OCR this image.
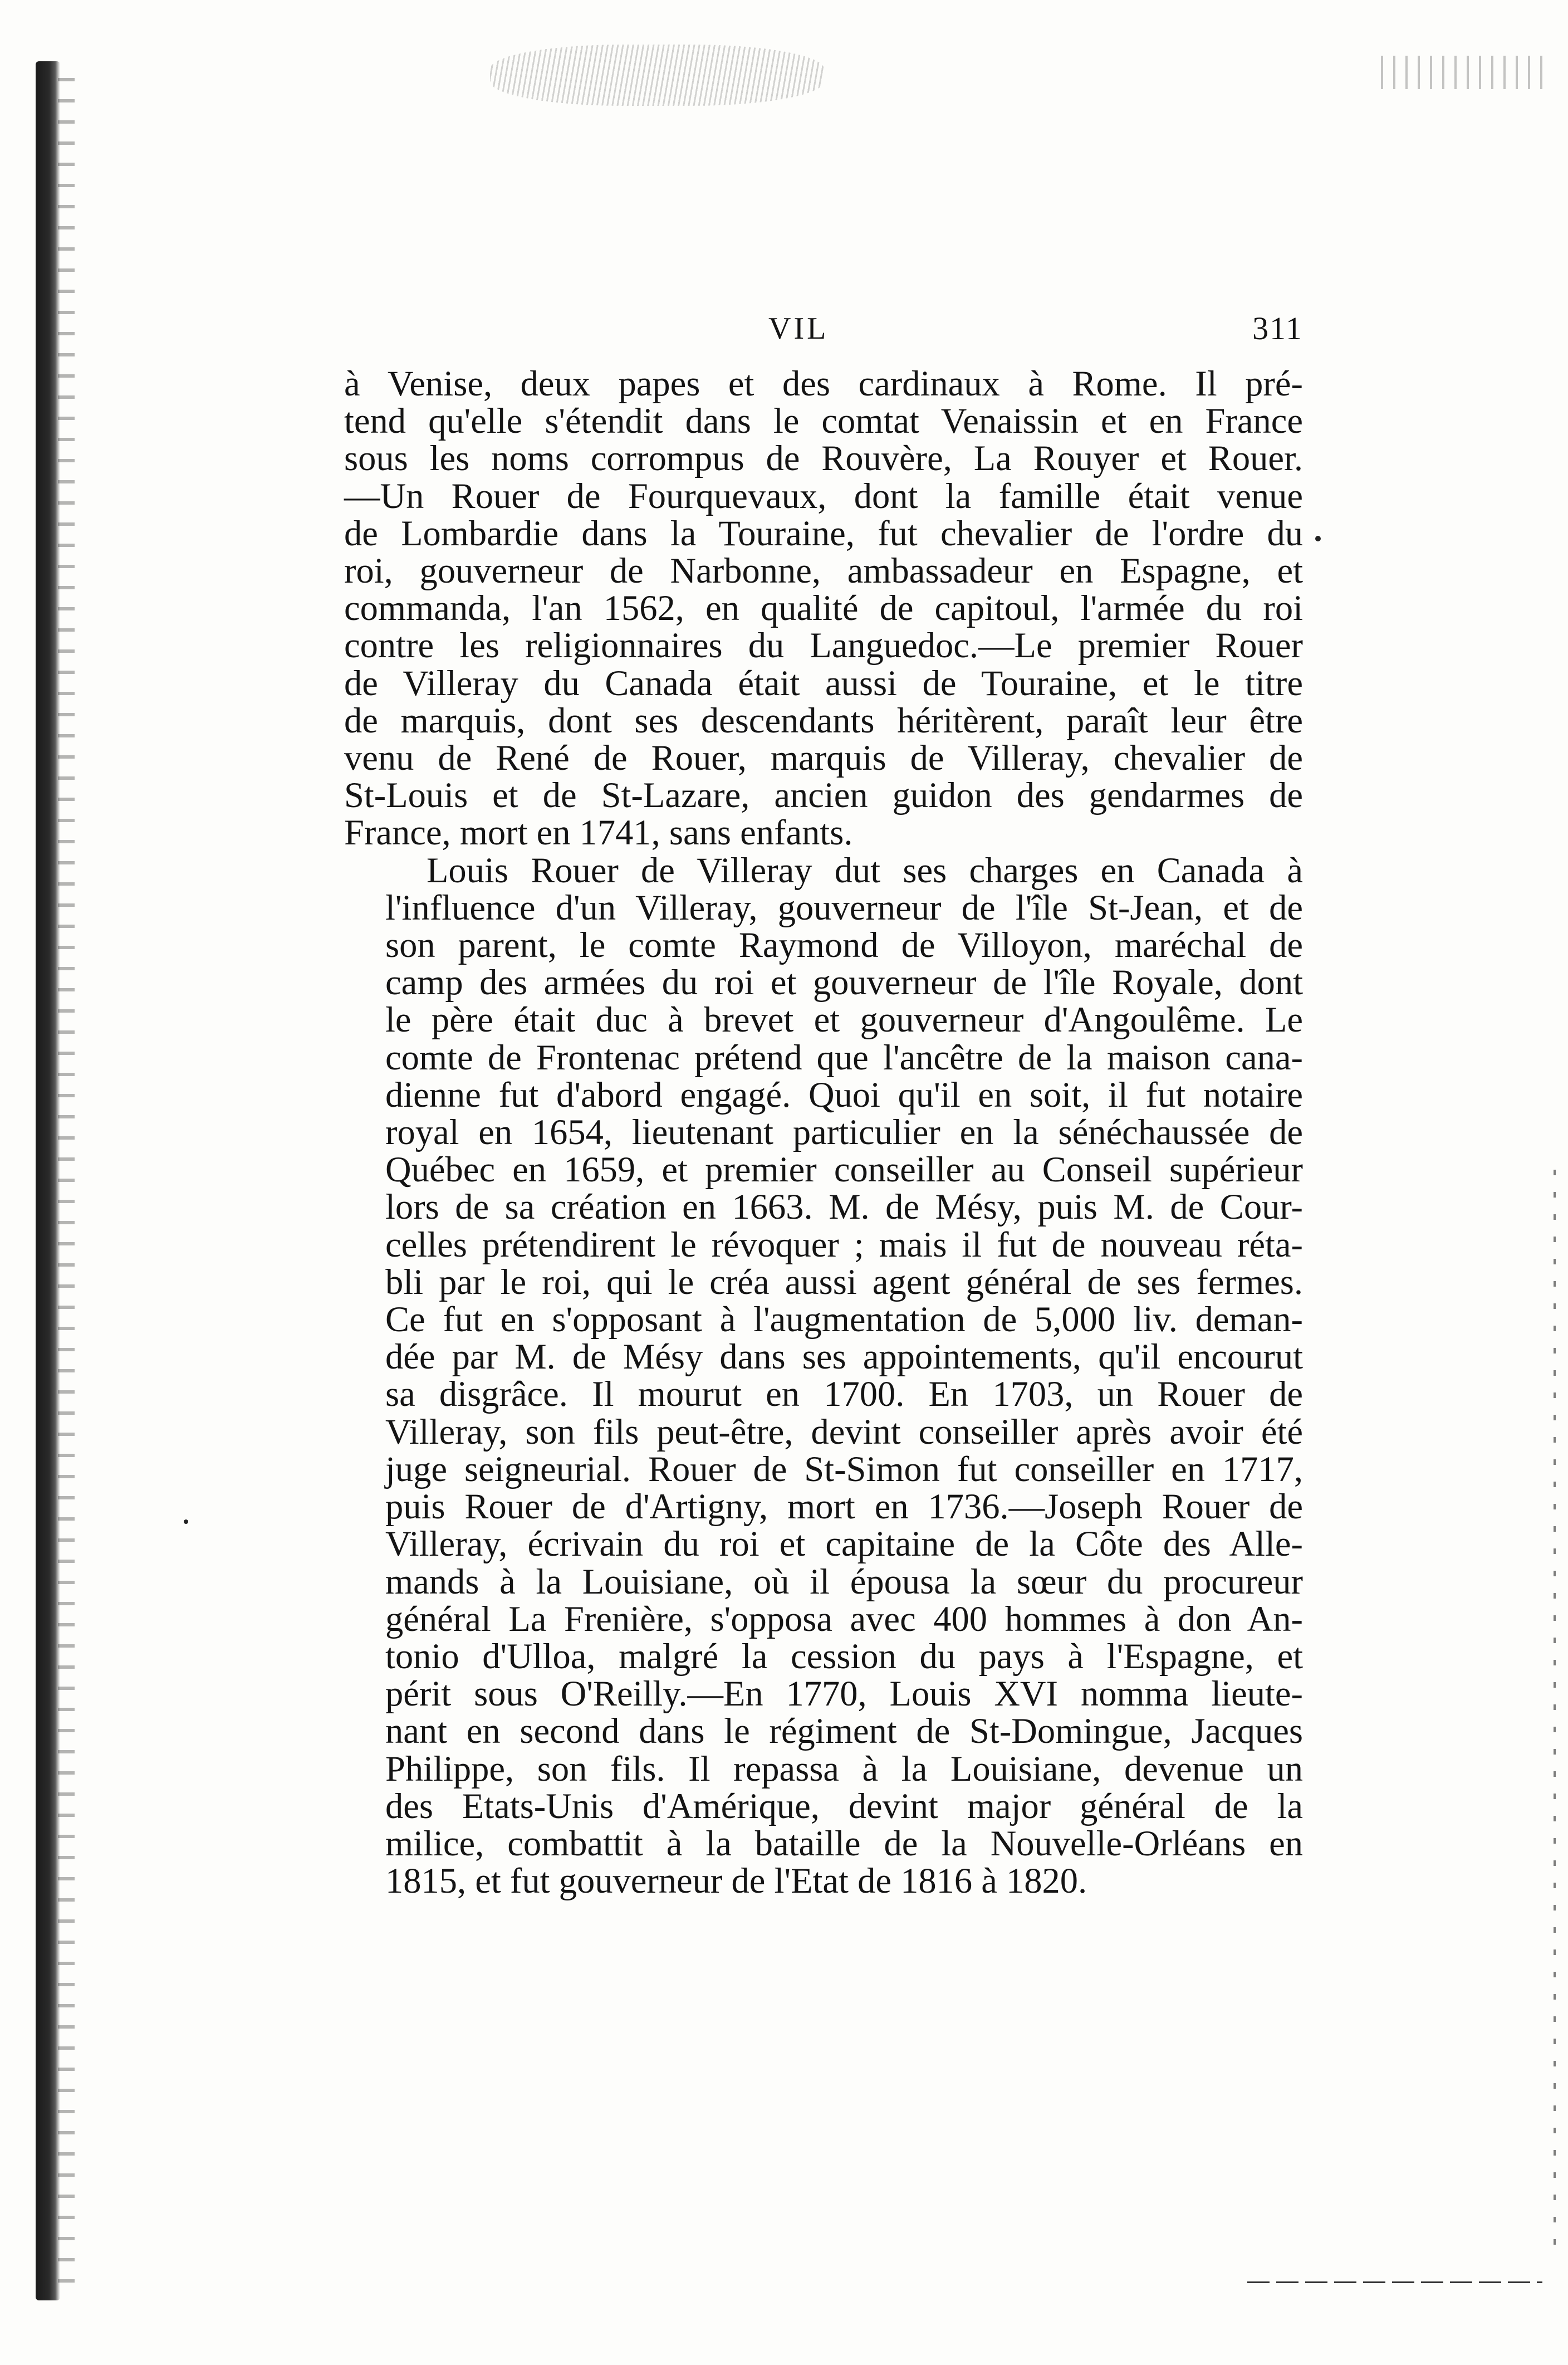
VIL	311

à Venise, deux papes et des cardinaux à Rome. Il pré-
tend qu'elle s'étendit dans le comtat Venaissin et en France
sous les noms corrompus de Rouvère, La Rouyer et Rouer.
—Un Rouer de Fourquevaux, dont la famille était venue
de Lombardie dans la Touraine, fut chevalier de l'ordre du
roi, gouverneur de Narbonne, ambassadeur en Espagne, et
commanda, l'an 1562, en qualité de capitoul, l'armée du roi
contre les religionnaires du Languedoc.—Le premier Rouer
de Villeray du Canada était aussi de Touraine, et le titre
de marquis, dont ses descendants héritèrent, paraît leur être
venu de René de Rouer, marquis de Villeray, chevalier de
St-Louis et de St-Lazare, ancien guidon des gendarmes de
France, mort en 1741, sans enfants.

Louis Rouer de Villeray dut ses charges en Canada à
l'influence d'un Villeray, gouverneur de l'île St-Jean, et de
son parent, le comte Raymond de Villoyon, maréchal de
camp des armées du roi et gouverneur de l'île Royale, dont
le père était duc à brevet et gouverneur d'Angoulême. Le
comte de Frontenac prétend que l'ancêtre de la maison cana-
dienne fut d'abord engagé. Quoi qu'il en soit, il fut notaire
royal en 1654, lieutenant particulier en la sénéchaussée de
Québec en 1659, et premier conseiller au Conseil supérieur
lors de sa création en 1663. M. de Mésy, puis M. de Cour-
celles prétendirent le révoquer ; mais il fut de nouveau réta-
bli par le roi, qui le créa aussi agent général de ses fermes.
Ce fut en s'opposant à l'augmentation de 5,000 liv. deman-
dée par M. de Mésy dans ses appointements, qu'il encourut
sa disgrâce. Il mourut en 1700. En 1703, un Rouer de
Villeray, son fils peut-être, devint conseiller après avoir été
juge seigneurial. Rouer de St-Simon fut conseiller en 1717,
puis Rouer de d'Artigny, mort en 1736.—Joseph Rouer de
Villeray, écrivain du roi et capitaine de la Côte des Alle-
mands à la Louisiane, où il épousa la sœur du procureur
général La Frenière, s'opposa avec 400 hommes à don An-
tonio d'Ulloa, malgré la cession du pays à l'Espagne, et
périt sous O'Reilly.—En 1770, Louis XVI nomma lieute-
nant en second dans le régiment de St-Domingue, Jacques
Philippe, son fils. Il repassa à la Louisiane, devenue un
des Etats-Unis d'Amérique, devint major général de la
milice, combattit à la bataille de la Nouvelle-Orléans en
1815, et fut gouverneur de l'Etat de 1816 à 1820.
